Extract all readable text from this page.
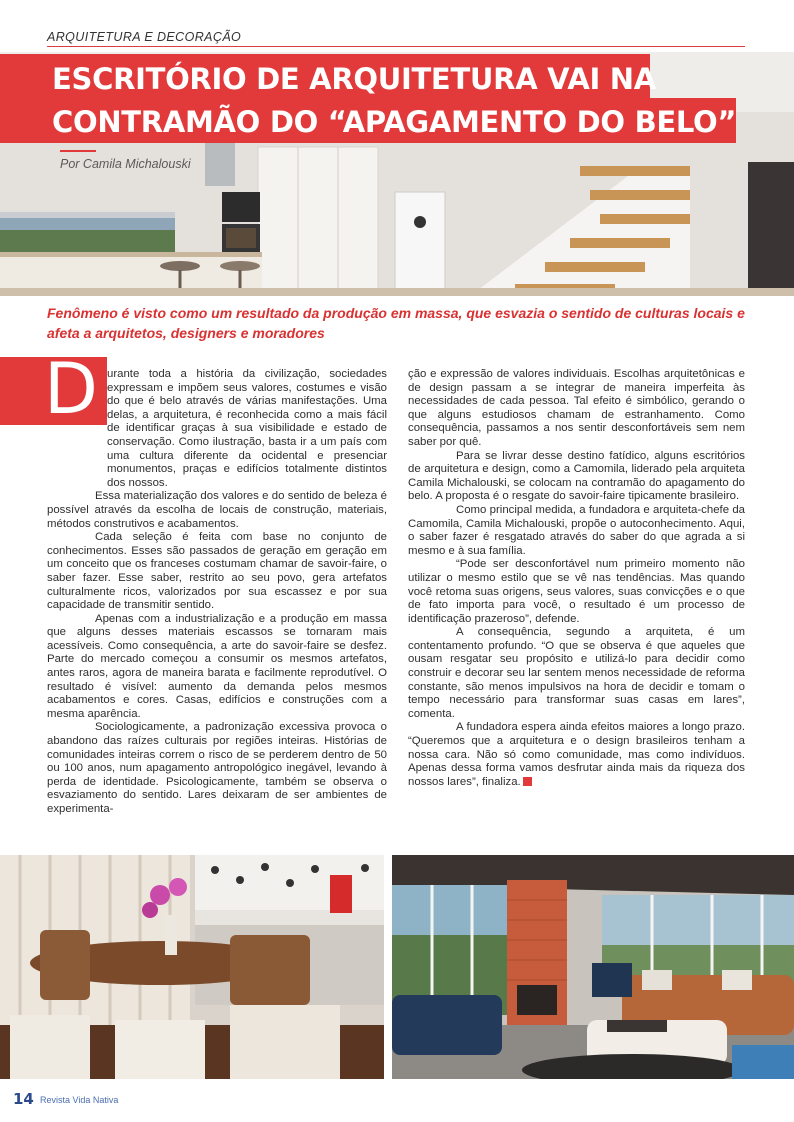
ARQUITETURA E DECORAÇÃO
ESCRITÓRIO DE ARQUITETURA VAI NA
CONTRAMÃO DO “APAGAMENTO DO BELO”
Por Camila Michalouski
Fenômeno é visto como um resultado da produção em massa, que esvazia o sentido de culturas locais e afeta a arquitetos, designers e moradores
D urante toda a história da civilização, sociedades expressam e impõem seus valores, costumes e visão do que é belo através de várias manifestações. Uma delas, a arquitetura, é reconhecida como a mais fácil de identificar graças à sua visibilidade e estado de conservação. Como ilustração, basta ir a um país com uma cultura diferente da ocidental e presenciar monumentos, praças e edifícios totalmente distintos dos nossos.

Essa materialização dos valores e do sentido de beleza é possível através da escolha de locais de construção, materiais, métodos construtivos e acabamentos.

Cada seleção é feita com base no conjunto de conhecimentos. Esses são passados de geração em geração em um conceito que os franceses costumam chamar de savoir-faire, o saber fazer. Esse saber, restrito ao seu povo, gera artefatos culturalmente ricos, valorizados por sua escassez e por sua capacidade de transmitir sentido.

Apenas com a industrialização e a produção em massa que alguns desses materiais escassos se tornaram mais acessíveis. Como consequência, a arte do savoir-faire se desfez. Parte do mercado começou a consumir os mesmos artefatos, antes raros, agora de maneira barata e facilmente reprodutível. O resultado é visível: aumento da demanda pelos mesmos acabamentos e cores. Casas, edifícios e construções com a mesma aparência.

Sociologicamente, a padronização excessiva provoca o abandono das raízes culturais por regiões inteiras. Histórias de comunidades inteiras correm o risco de se perderem dentro de 50 ou 100 anos, num apagamento antropológico inegável, levando à perda de identidade. Psicologicamente, também se observa o esvaziamento do sentido. Lares deixaram de ser ambientes de experimenta-

ção e expressão de valores individuais. Escolhas arquitetônicas e de design passam a se integrar de maneira imperfeita às necessidades de cada pessoa. Tal efeito é simbólico, gerando o que alguns estudiosos chamam de estranhamento. Como consequência, passamos a nos sentir desconfortáveis sem nem saber por quê.

Para se livrar desse destino fatídico, alguns escritórios de arquitetura e design, como a Camomila, liderado pela arquiteta Camila Michalouski, se colocam na contramão do apagamento do belo. A proposta é o resgate do savoir-faire tipicamente brasileiro.

Como principal medida, a fundadora e arquiteta-chefe da Camomila, Camila Michalouski, propõe o autoconhecimento. Aqui, o saber fazer é resgatado através do saber do que agrada a si mesmo e à sua família.

“Pode ser desconfortável num primeiro momento não utilizar o mesmo estilo que se vê nas tendências. Mas quando você retoma suas origens, seus valores, suas convicções e o que de fato importa para você, o resultado é um processo de identificação prazeroso”, defende.

A consequência, segundo a arquiteta, é um contentamento profundo. “O que se observa é que aqueles que ousam resgatar seu propósito e utilizá-lo para decidir como construir e decorar seu lar sentem menos necessidade de reforma constante, são menos impulsivos na hora de decidir e tomam o tempo necessário para transformar suas casas em lares”, comenta.

A fundadora espera ainda efeitos maiores a longo prazo. “Queremos que a arquitetura e o design brasileiros tenham a nossa cara. Não só como comunidade, mas como indivíduos. Apenas dessa forma vamos desfrutar ainda mais da riqueza dos nossos lares”, finaliza.

14 Revista Vida Nativa
